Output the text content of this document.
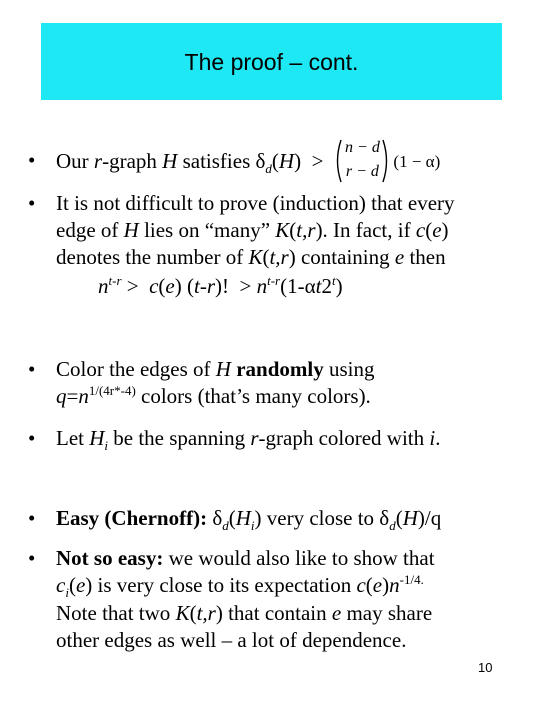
The proof – cont.
• Our r-graph H satisfies $\delta_d(H)$  >
n − d
r − d
(1 − α)
• It is not difficult to prove (induction) that every
edge of H lies on “many” K(t,r). In fact, if c(e)
denotes the number of K(t,r) containing e then
$n^{t-r} > c(e) (t-r)$!  > $n^{t-r}(1-\alpha t2^t)$
• Color the edges of H randomly using
$q=n^{1/(4r*-4)}$ colors (that’s many colors).
• Let $H_i$ be the spanning r-graph colored with i.
• Easy (Chernoff): $\delta_d(H_i)$ very close to $\delta_d(H)/q$
• Not so easy: we would also like to show that
$c_i(e)$ is very close to its expectation $c(e)n^{-1/4.}$
Note that two K(t,r) that contain e may share
other edges as well – a lot of dependence.
10
